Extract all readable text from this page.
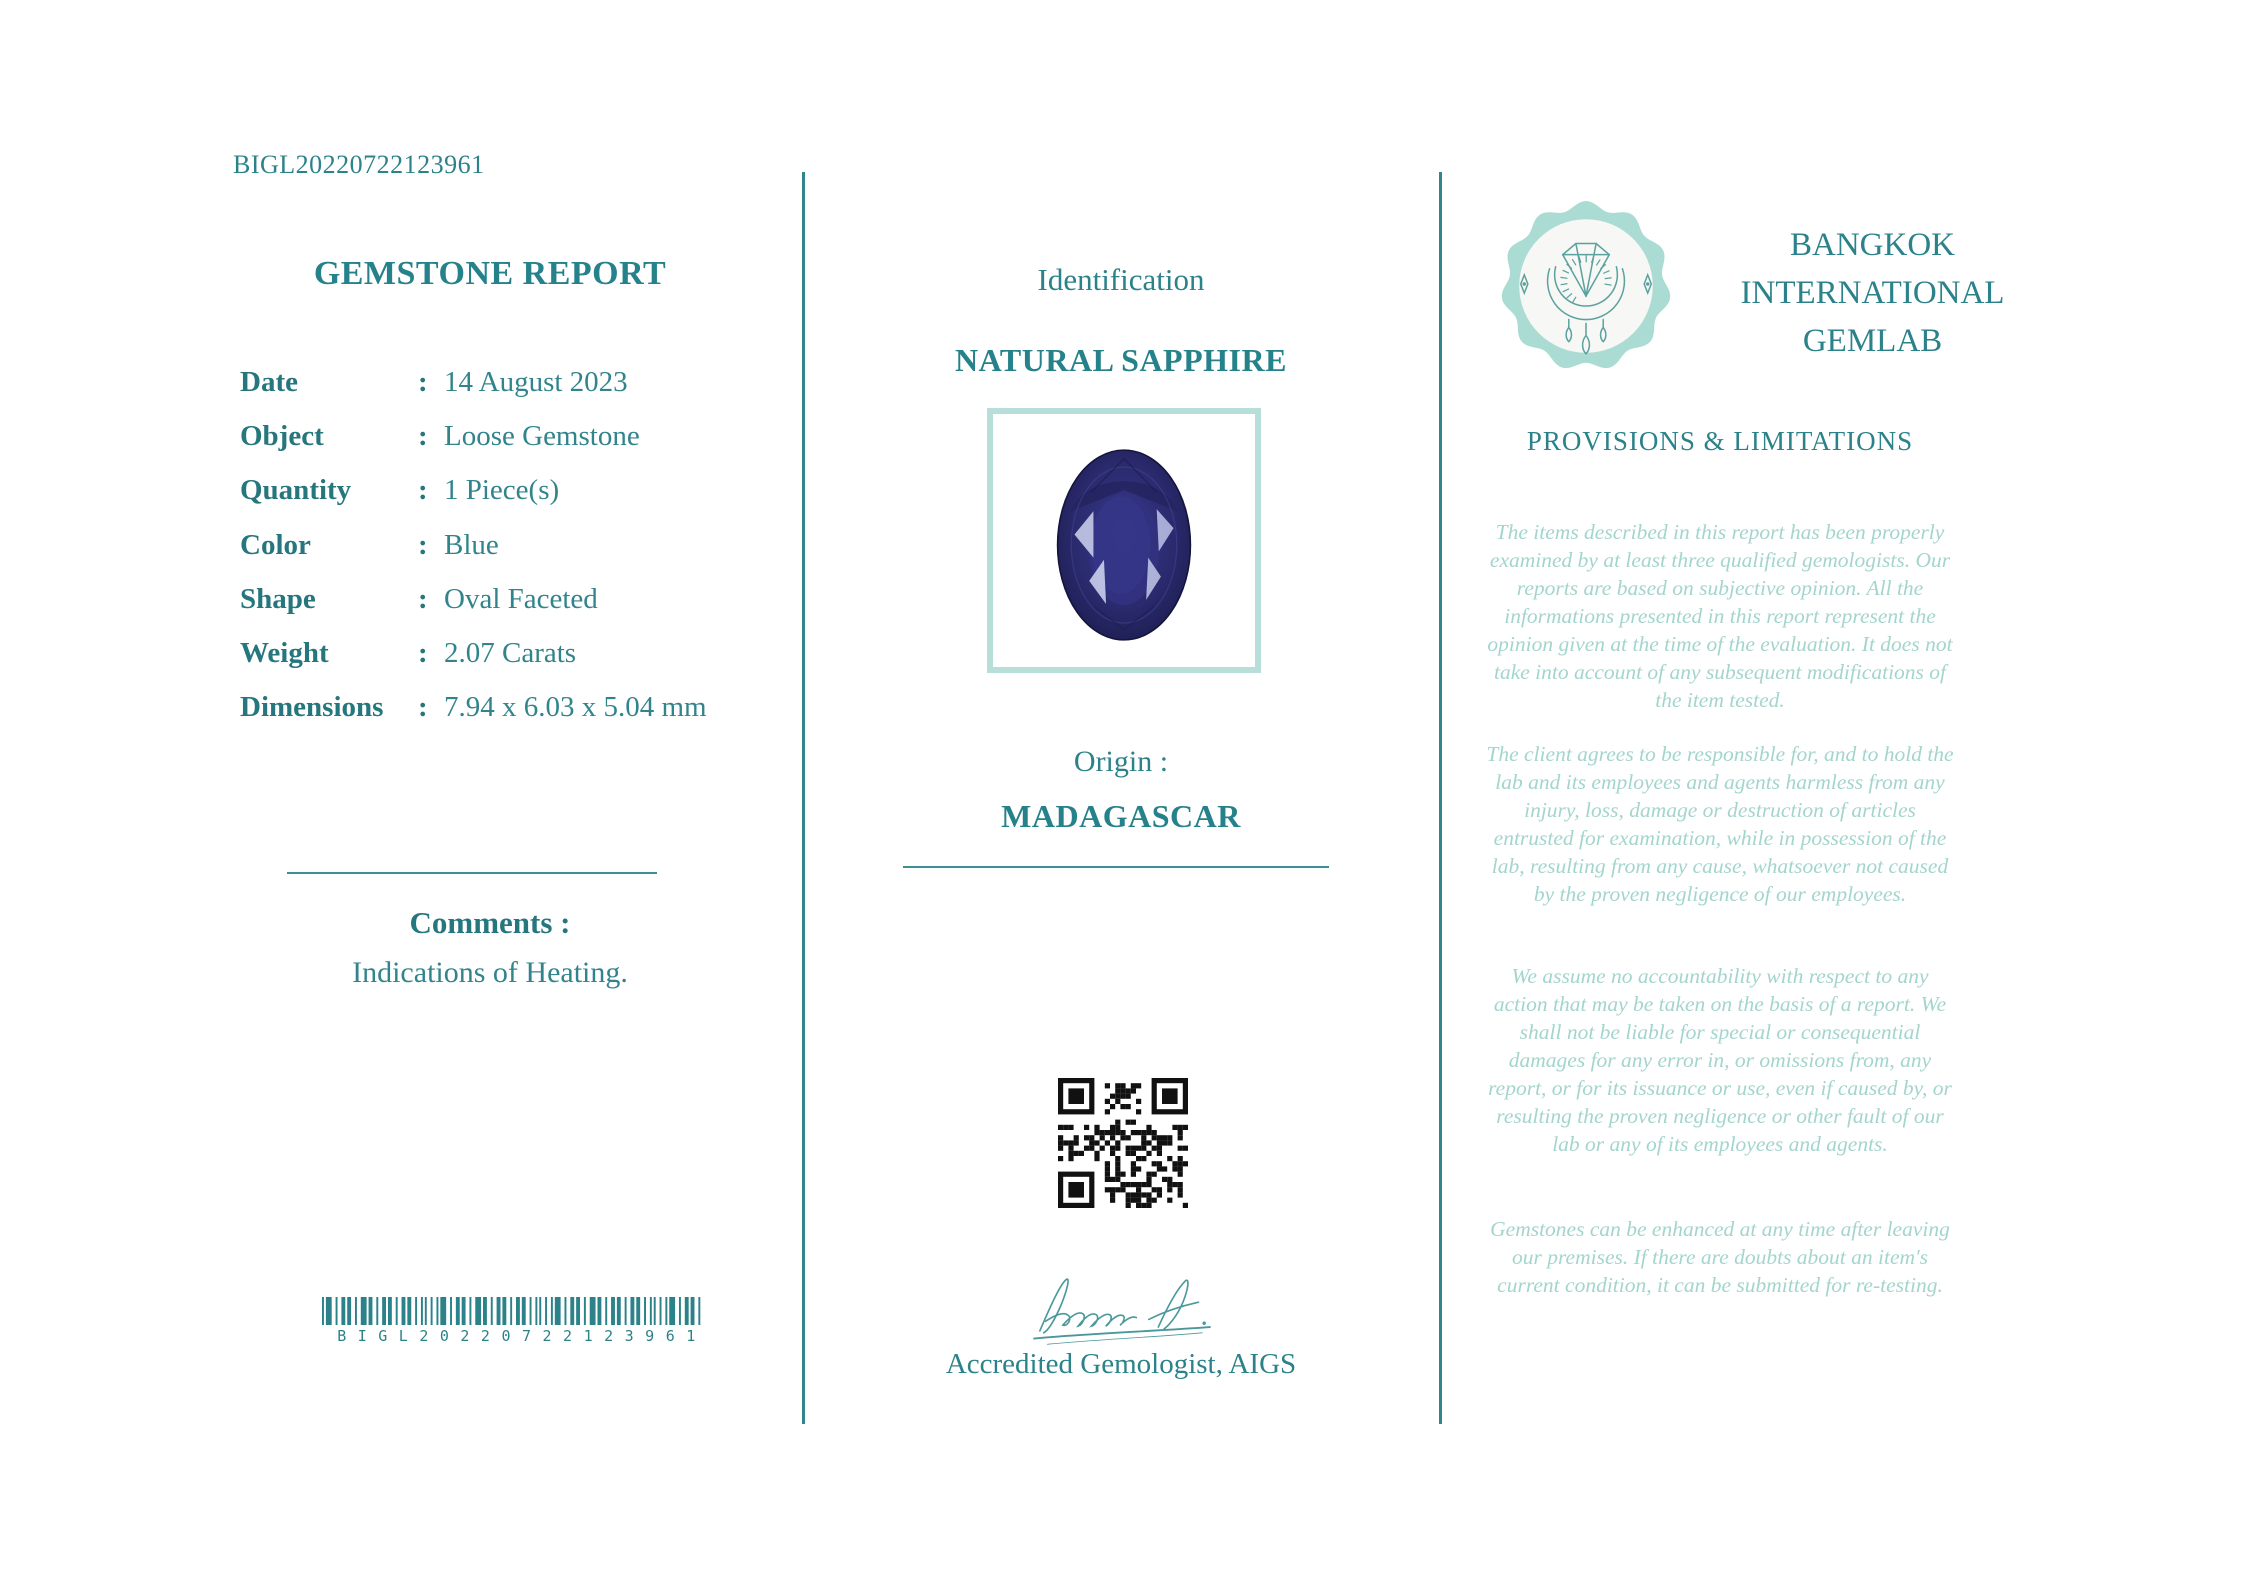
BIGL20220722123961
GEMSTONE REPORT
Date	: 14 August 2023
Object	: Loose Gemstone
Quantity	: 1 Piece(s)
Color	: Blue
Shape	: Oval Faceted
Weight	: 2.07 Carats
Dimensions	: 7.94 x 6.03 x 5.04 mm
Comments :
Indications of Heating.
BIGL20220722123961
Identification
NATURAL SAPPHIRE
Origin :
MADAGASCAR
Accredited Gemologist, AIGS
BANGKOK
INTERNATIONAL
GEMLAB
PROVISIONS & LIMITATIONS

The items described in this report has been properly examined by at least three qualified gemologists. Our reports are based on subjective opinion. All the informations presented in this report represent the opinion given at the time of the evaluation. It does not take into account of any subsequent modifications of the item tested.

The client agrees to be responsible for, and to hold the lab and its employees and agents harmless from any injury, loss, damage or destruction of articles entrusted for examination, while in possession of the lab, resulting from any cause, whatsoever not caused by the proven negligence of our employees.

We assume no accountability with respect to any action that may be taken on the basis of a report. We shall not be liable for special or consequential damages for any error in, or omissions from, any report, or for its issuance or use, even if caused by, or resulting the proven negligence or other fault of our lab or any of its employees and agents.

Gemstones can be enhanced at any time after leaving our premises. If there are doubts about an item's current condition, it can be submitted for re-testing.
